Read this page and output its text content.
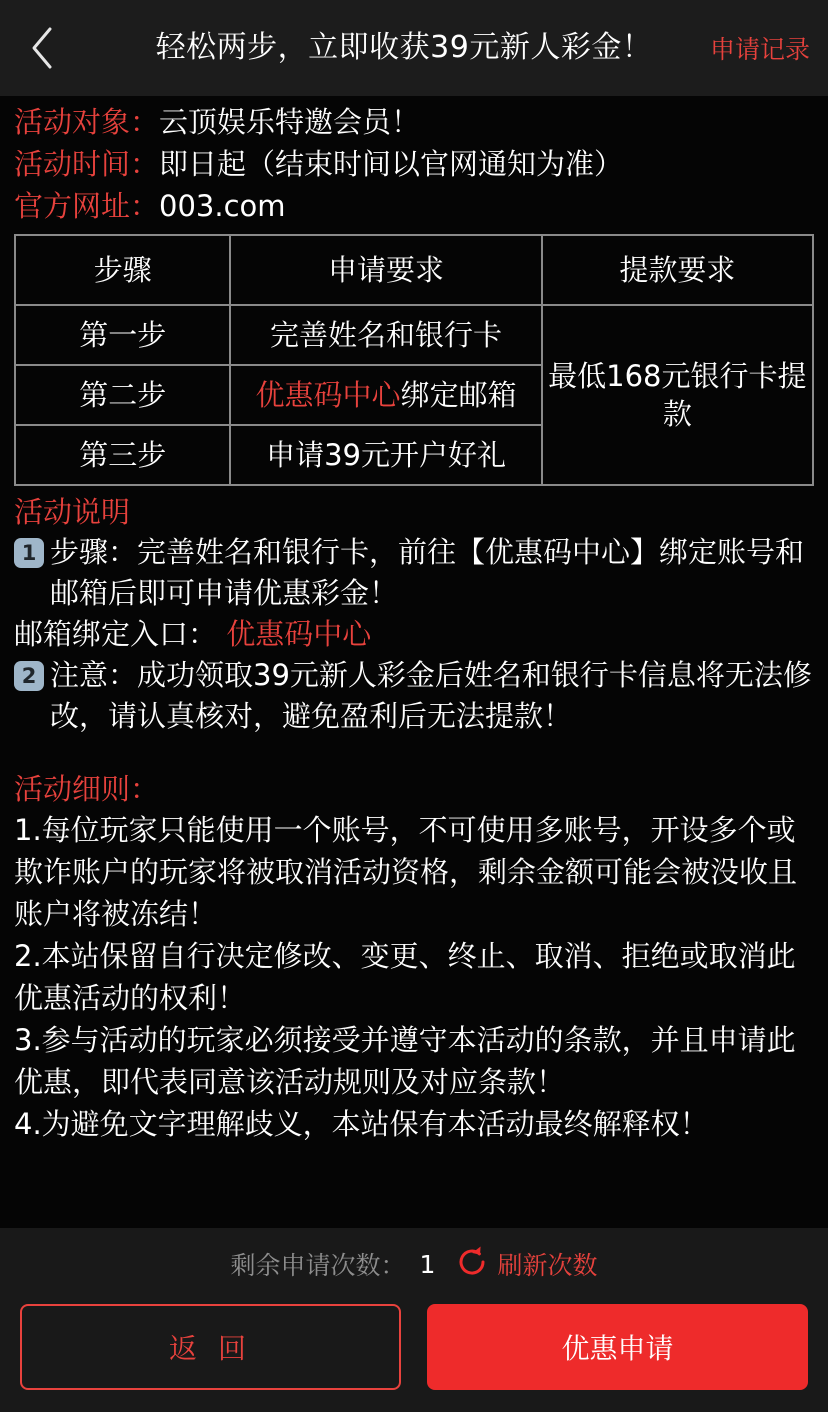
轻松两步，立即收获39元新人彩金！	申请记录
活动对象： 云顶娱乐特邀会员！
活动时间： 即日起（结束时间以官网通知为准）
官方网址： 003.com
步骤	申请要求	提款要求
第一步	完善姓名和银行卡	最低168元银行卡提款
第二步	优惠码中心绑定邮箱	
第三步	申请39元开户好礼	
活动说明
1 步骤：完善姓名和银行卡，前往【优惠码中心】绑定账号和邮箱后即可申请优惠彩金！
邮箱绑定入口： 优惠码中心
2 注意：成功领取39元新人彩金后姓名和银行卡信息将无法修改，请认真核对，避免盈利后无法提款！
活动细则：
1.每位玩家只能使用一个账号，不可使用多账号，开设多个或欺诈账户的玩家将被取消活动资格，剩余金额可能会被没收且账户将被冻结！
2.本站保留自行决定修改、变更、终止、取消、拒绝或取消此优惠活动的权利！
3.参与活动的玩家必须接受并遵守本活动的条款，并且申请此优惠，即代表同意该活动规则及对应条款！
4.为避免文字理解歧义，本站保有本活动最终解释权！
剩余申请次数： 1 刷新次数
返 回	优惠申请
